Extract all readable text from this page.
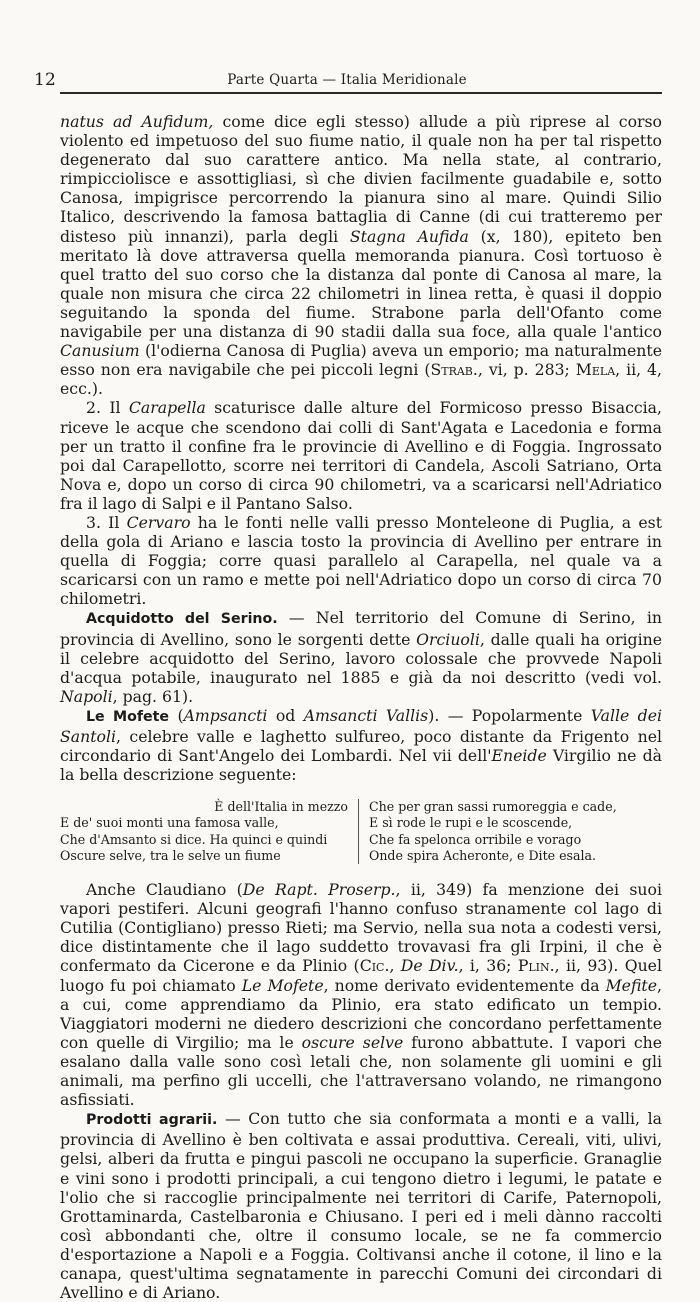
12	Parte Quarta — Italia Meridionale

natus ad Aufidum, come dice egli stesso) allude a più riprese al corso violento ed impetuoso del suo fiume natio, il quale non ha per tal rispetto degenerato dal suo carattere antico. Ma nella state, al contrario, rimpicciolisce e assottigliasi, sì che divien facilmente guadabile e, sotto Canosa, impigrisce percorrendo la pianura sino al mare. Quindi Silio Italico, descrivendo la famosa battaglia di Canne (di cui tratteremo per disteso più innanzi), parla degli Stagna Aufida (x, 180), epiteto ben meritato là dove attraversa quella memoranda pianura. Così tortuoso è quel tratto del suo corso che la distanza dal ponte di Canosa al mare, la quale non misura che circa 22 chilometri in linea retta, è quasi il doppio seguitando la sponda del fiume. Strabone parla dell'Ofanto come navigabile per una distanza di 90 stadii dalla sua foce, alla quale l'antico Canusium (l'odierna Canosa di Puglia) aveva un emporio; ma naturalmente esso non era navigabile che pei piccoli legni (Strab., vi, p. 283; Mela, ii, 4, ecc.).

2. Il Carapella scaturisce dalle alture del Formicoso presso Bisaccia, riceve le acque che scendono dai colli di Sant'Agata e Lacedonia e forma per un tratto il confine fra le provincie di Avellino e di Foggia. Ingrossato poi dal Carapellotto, scorre nei territori di Candela, Ascoli Satriano, Orta Nova e, dopo un corso di circa 90 chilometri, va a scaricarsi nell'Adriatico fra il lago di Salpi e il Pantano Salso.

3. Il Cervaro ha le fonti nelle valli presso Monteleone di Puglia, a est della gola di Ariano e lascia tosto la provincia di Avellino per entrare in quella di Foggia; corre quasi parallelo al Carapella, nel quale va a scaricarsi con un ramo e mette poi nell'Adriatico dopo un corso di circa 70 chilometri.

Acquidotto del Serino. — Nel territorio del Comune di Serino, in provincia di Avellino, sono le sorgenti dette Orciuoli, dalle quali ha origine il celebre acquidotto del Serino, lavoro colossale che provvede Napoli d'acqua potabile, inaugurato nel 1885 e già da noi descritto (vedi vol. Napoli, pag. 61).

Le Mofete (Ampsancti od Amsancti Vallis). — Popolarmente Valle dei Santoli, celebre valle e laghetto sulfureo, poco distante da Frigento nel circondario di Sant'Angelo dei Lombardi. Nel vii dell'Eneide Virgilio ne dà la bella descrizione seguente:

È dell'Italia in mezzo
E de' suoi monti una famosa valle,
Che d'Amsanto si dice. Ha quinci e quindi
Oscure selve, tra le selve un fiume
Che per gran sassi rumoreggia e cade,
E sì rode le rupi e le scoscende,
Che fa spelonca orribile e vorago
Onde spira Acheronte, e Dite esala.

Anche Claudiano (De Rapt. Proserp., ii, 349) fa menzione dei suoi vapori pestiferi. Alcuni geografi l'hanno confuso stranamente col lago di Cutilia (Contigliano) presso Rieti; ma Servio, nella sua nota a codesti versi, dice distintamente che il lago suddetto trovavasi fra gli Irpini, il che è confermato da Cicerone e da Plinio (Cic., De Div., i, 36; Plin., ii, 93). Quel luogo fu poi chiamato Le Mofete, nome derivato evidentemente da Mefite, a cui, come apprendiamo da Plinio, era stato edificato un tempio. Viaggiatori moderni ne diedero descrizioni che concordano perfettamente con quelle di Virgilio; ma le oscure selve furono abbattute. I vapori che esalano dalla valle sono così letali che, non solamente gli uomini e gli animali, ma perfino gli uccelli, che l'attraversano volando, ne rimangono asfissiati.

Prodotti agrarii. — Con tutto che sia conformata a monti e a valli, la provincia di Avellino è ben coltivata e assai produttiva. Cereali, viti, ulivi, gelsi, alberi da frutta e pingui pascoli ne occupano la superficie. Granaglie e vini sono i prodotti principali, a cui tengono dietro i legumi, le patate e l'olio che si raccoglie principalmente nei territori di Carife, Paternopoli, Grottaminarda, Castelbaronia e Chiusano. I peri ed i meli dànno raccolti così abbondanti che, oltre il consumo locale, se ne fa commercio d'esportazione a Napoli e a Foggia. Coltivansi anche il cotone, il lino e la canapa, quest'ultima segnatamente in parecchi Comuni dei circondari di Avellino e di Ariano.
